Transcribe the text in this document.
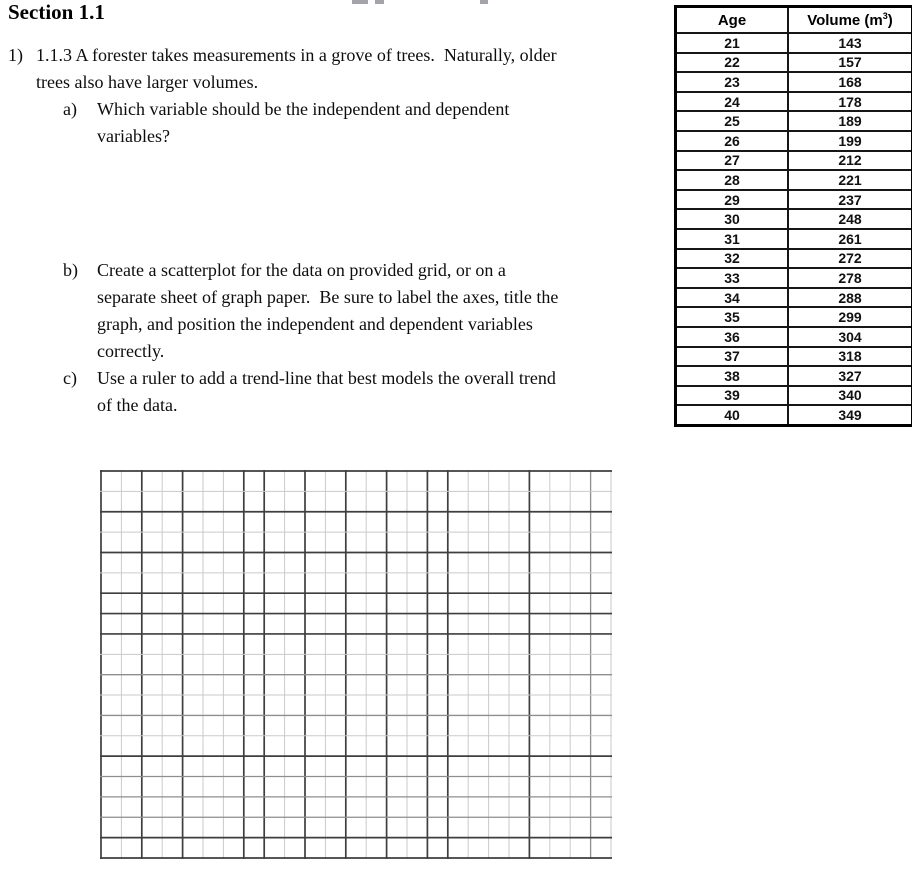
Section 1.1
1) 1.1.3 A forester takes measurements in a grove of trees.  Naturally, older
trees also have larger volumes.
a) Which variable should be the independent and dependent
variables?
b) Create a scatterplot for the data on provided grid, or on a
separate sheet of graph paper.  Be sure to label the axes, title the
graph, and position the independent and dependent variables
correctly.
c) Use a ruler to add a trend-line that best models the overall trend
of the data.
Age	Volume $(m^3)$
21	143
22	157
23	168
24	178
25	189
26	199
27	212
28	221
29	237
30	248
31	261
32	272
33	278
34	288
35	299
36	304
37	318
38	327
39	340
40	349
